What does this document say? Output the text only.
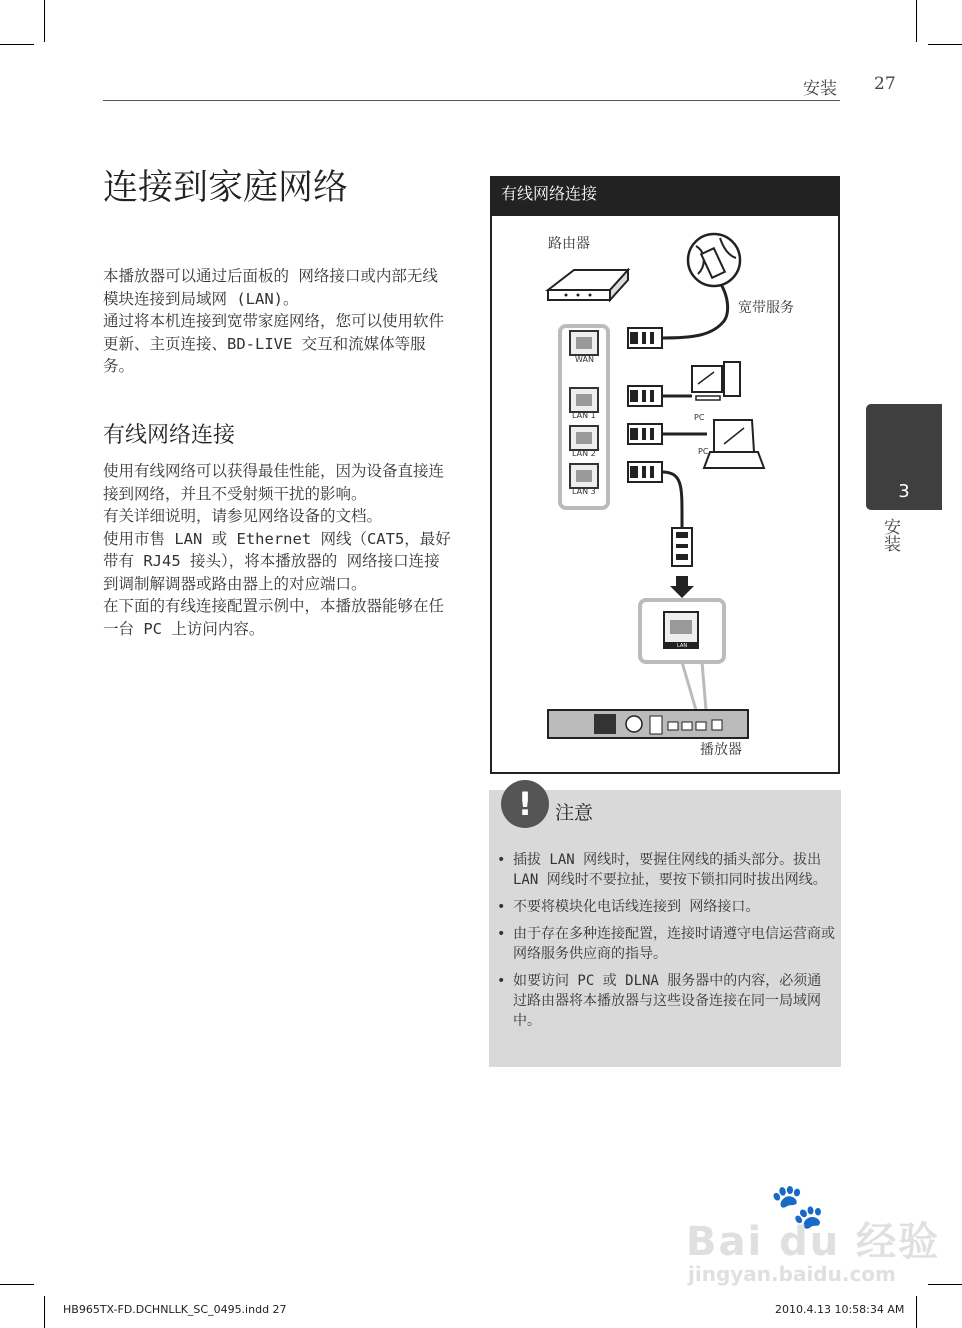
安装 27
连接到家庭网络

本播放器可以通过后面板的 网络接口或内部无线模块连接到局域网 (LAN)。

通过将本机连接到宽带家庭网络，您可以使用软件更新、主页连接、BD-LIVE 交互和流媒体等服务。

有线网络连接

使用有线网络可以获得最佳性能，因为设备直接连接到网络，并且不受射频干扰的影响。

有关详细说明，请参见网络设备的文档。

使用市售 LAN 或 Ethernet 网线（CAT5，最好带有 RJ45 接头），将本播放器的 网络接口连接到调制解调器或路由器上的对应端口。

在下面的有线连接配置示例中，本播放器能够在任一台 PC 上访问内容。

3
安装
有线网络连接
路由器
WAN
LAN 1
LAN 2
LAN 3
宽带服务
PC
PC
LAN
播放器
!	注意
• 插拔 LAN 网线时，要握住网线的插头部分。拔出 LAN 网线时不要拉扯，要按下锁扣同时拔出网线。
• 不要将模块化电话线连接到 网络接口。
• 由于存在多种连接配置，连接时请遵守电信运营商或网络服务供应商的指导。
• 如要访问 PC 或 DLNA 服务器中的内容，必须通过路由器将本播放器与这些设备连接在同一局域网中。
🐾
Bai du 经验
jingyan.baidu.com
HB965TX-FD.DCHNLLK_SC_0495.indd 27	2010.4.13 10:58:34 AM
